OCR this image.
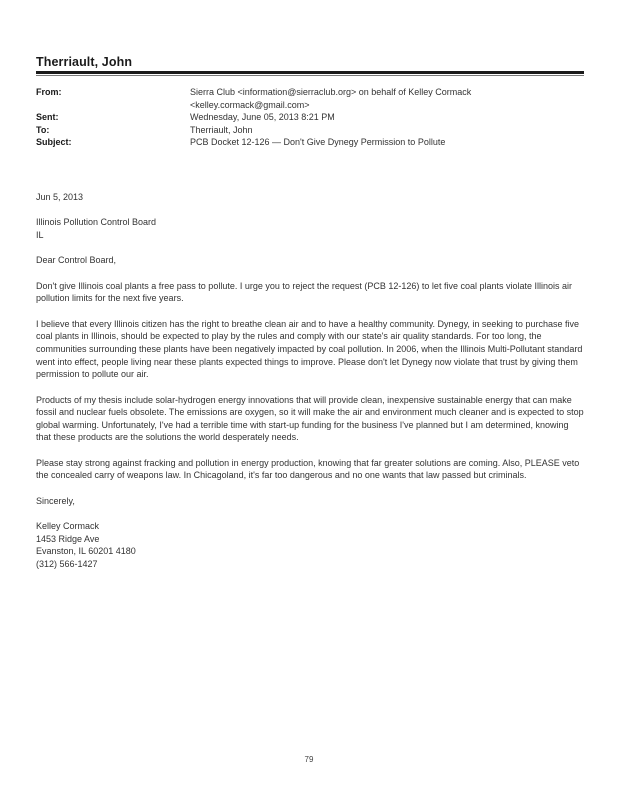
Therriault, John
From:	Sierra Club <information@sierraclub.org> on behalf of Kelley Cormack <kelley.cormack@gmail.com>
Sent:	Wednesday, June 05, 2013 8:21 PM
To:	Therriault, John
Subject:	PCB Docket 12-126 — Don't Give Dynegy Permission to Pollute

Jun 5, 2013

Illinois Pollution Control Board
IL

Dear Control Board,

Don't give Illinois coal plants a free pass to pollute. I urge you to reject the request (PCB 12-126) to let five coal plants violate Illinois air pollution limits for the next five years.

I believe that every Illinois citizen has the right to breathe clean air and to have a healthy community. Dynegy, in seeking to purchase five coal plants in Illinois, should be expected to play by the rules and comply with our state's air quality standards. For too long, the communities surrounding these plants have been negatively impacted by coal pollution. In 2006, when the Illinois Multi-Pollutant standard went into effect, people living near these plants expected things to improve. Please don't let Dynegy now violate that trust by giving them permission to pollute our air.

Products of my thesis include solar-hydrogen energy innovations that will provide clean, inexpensive sustainable energy that can make fossil and nuclear fuels obsolete. The emissions are oxygen, so it will make the air and environment much cleaner and is expected to stop global warming. Unfortunately, I've had a terrible time with start-up funding for the business I've planned but I am determined, knowing that these products are the solutions the world desperately needs.

Please stay strong against fracking and pollution in energy production, knowing that far greater solutions are coming. Also, PLEASE veto the concealed carry of weapons law. In Chicagoland, it's far too dangerous and no one wants that law passed but criminals.

Sincerely,

Kelley Cormack
1453 Ridge Ave
Evanston, IL 60201 4180
(312) 566-1427

79
